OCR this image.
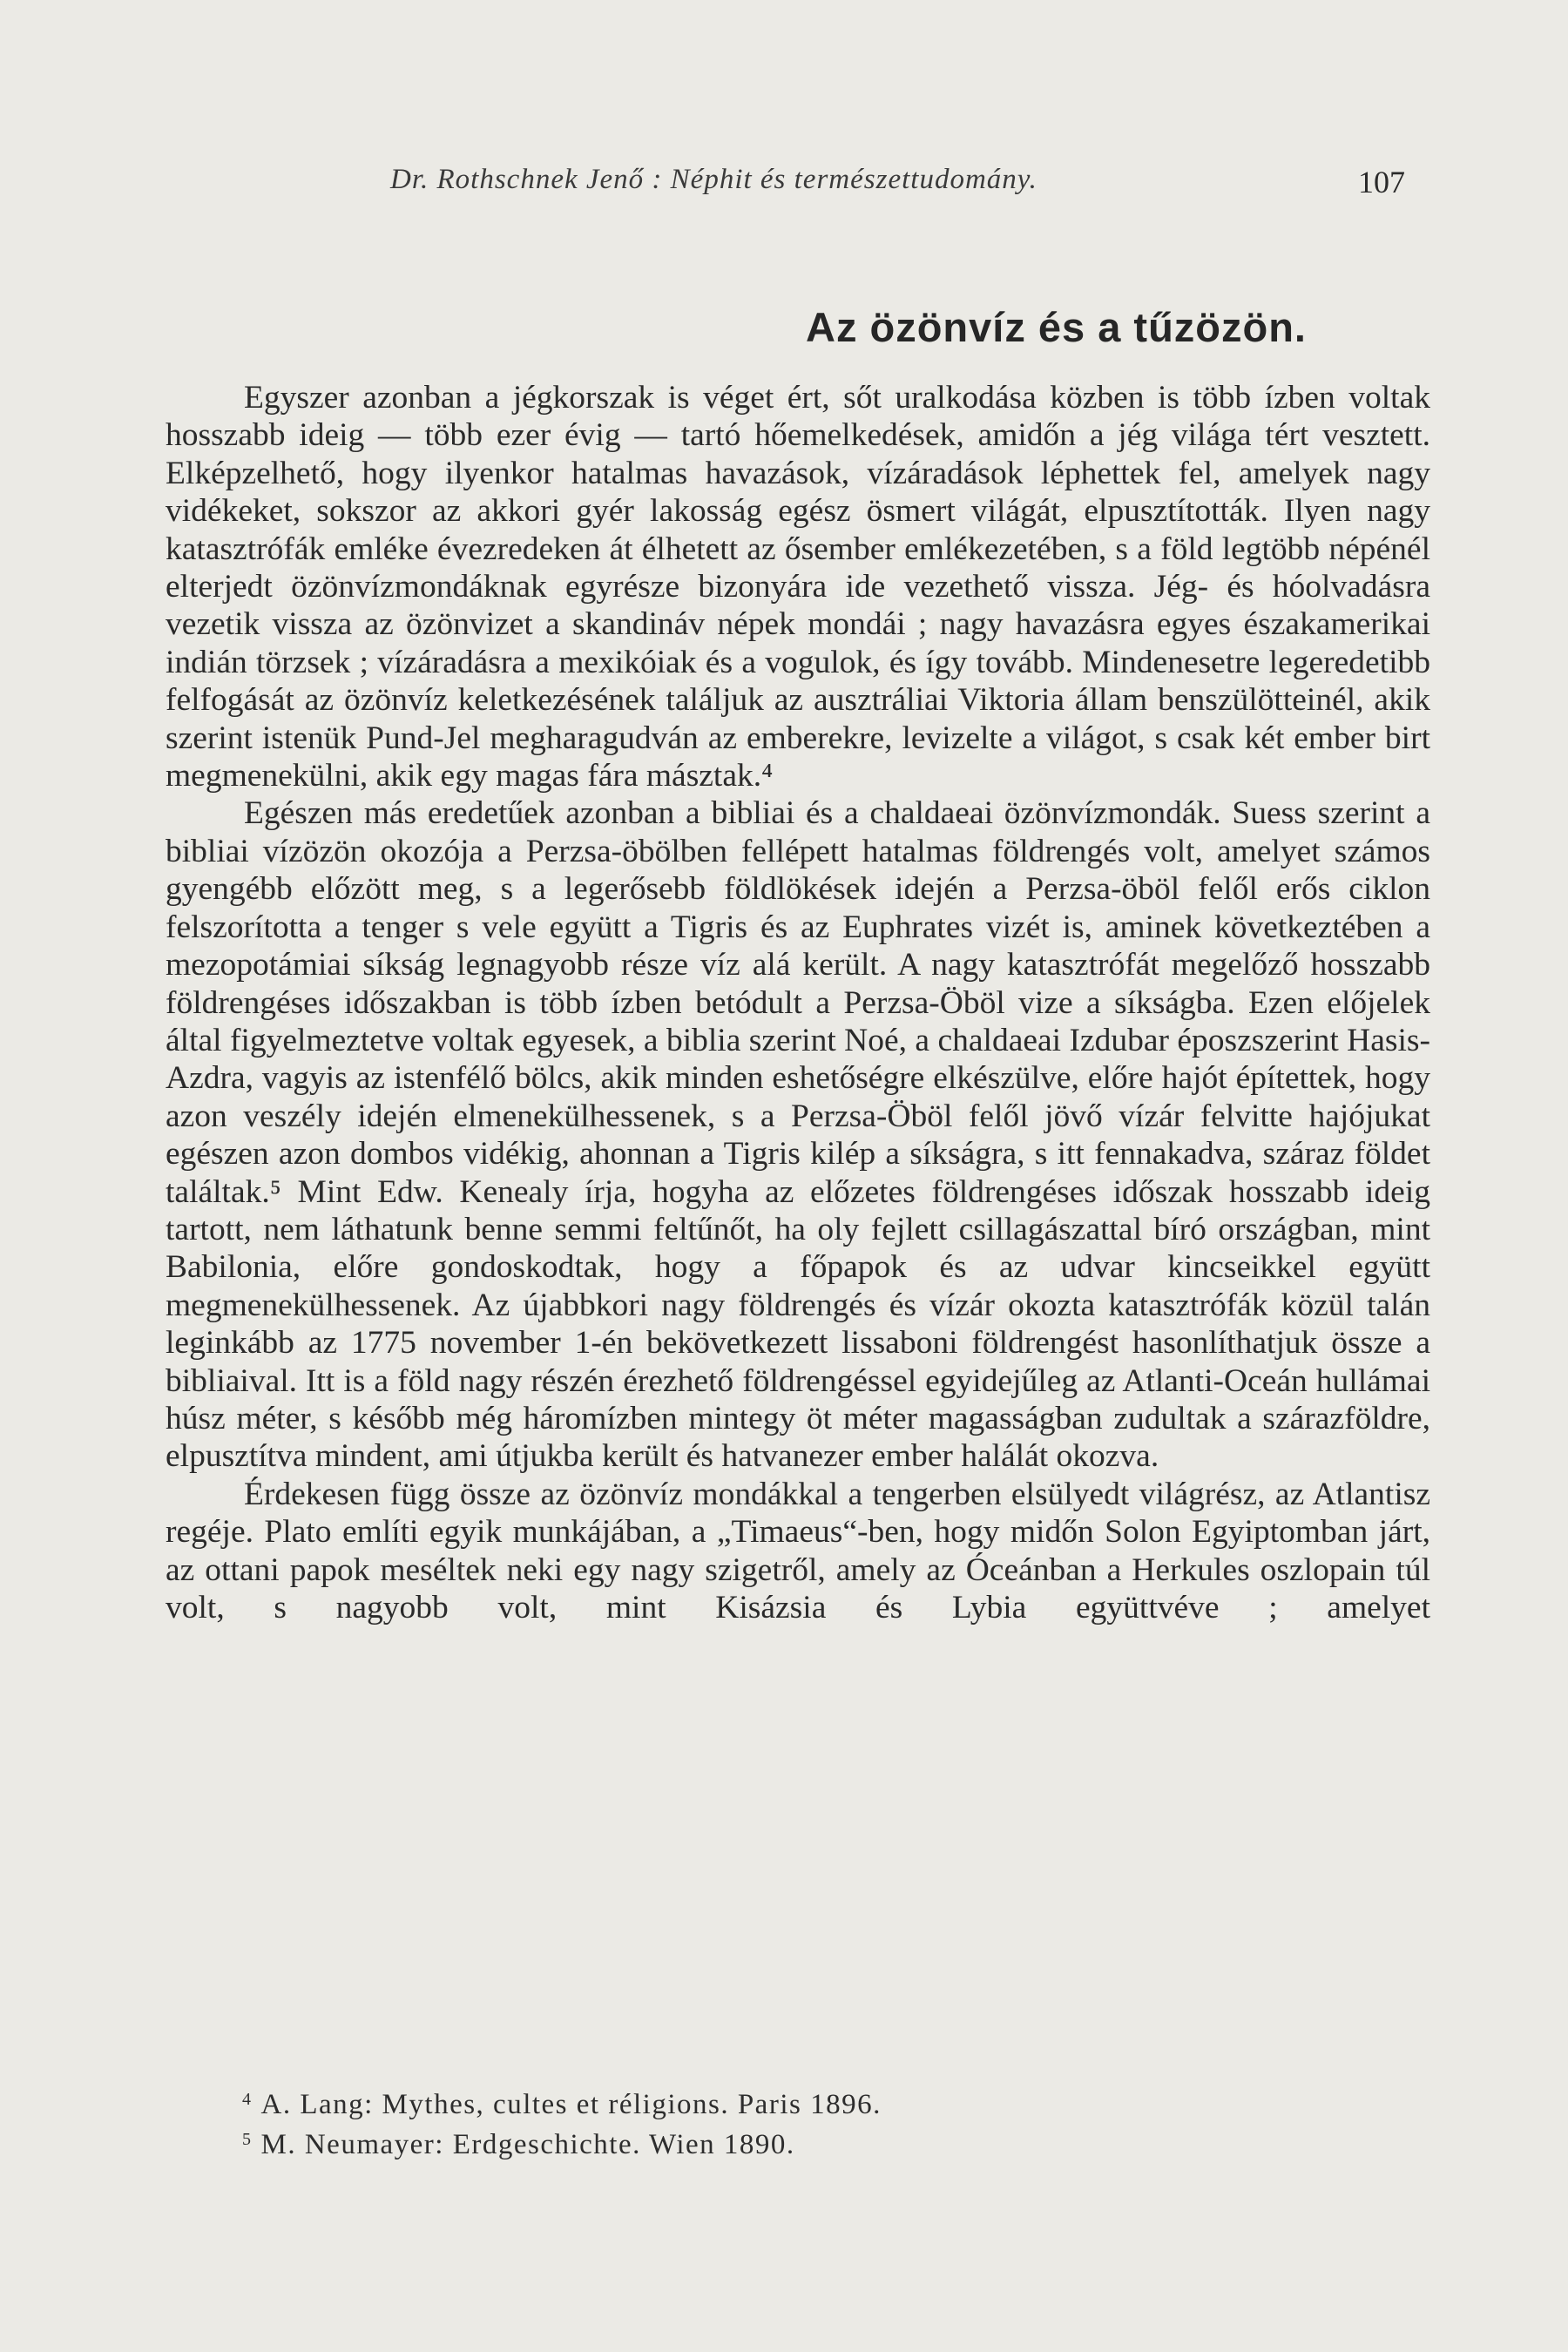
Dr. Rothschnek Jenő : Néphit és természettudomány.	107
Az özönvíz és a tűzözön.

Egyszer azonban a jégkorszak is véget ért, sőt uralkodása közben is több ízben voltak hosszabb ideig — több ezer évig — tartó hőemelkedések, amidőn a jég világa tért vesztett. Elképzelhető, hogy ilyenkor hatalmas havazások, vízáradások léphettek fel, amelyek nagy vidékeket, sokszor az akkori gyér lakosság egész ösmert világát, elpusztították. Ilyen nagy katasztrófák emléke évezredeken át élhetett az ősember emlékezetében, s a föld legtöbb népénél elterjedt özönvízmondáknak egyrésze bizonyára ide vezethető vissza. Jég- és hóolvadásra vezetik vissza az özönvizet a skandináv népek mondái ; nagy havazásra egyes északamerikai indián törzsek ; vízáradásra a mexikóiak és a vogulok, és így tovább. Mindenesetre legeredetibb felfogását az özönvíz keletkezésének találjuk az ausztráliai Viktoria állam benszülötteinél, akik szerint istenük Pund-Jel megharagudván az emberekre, levizelte a világot, s csak két ember birt megmenekülni, akik egy magas fára másztak.⁴

Egészen más eredetűek azonban a bibliai és a chaldaeai özönvízmondák. Suess szerint a bibliai vízözön okozója a Perzsa-öbölben fellépett hatalmas földrengés volt, amelyet számos gyengébb előzött meg, s a legerősebb földlökések idején a Perzsa-öböl felől erős ciklon felszorította a tenger s vele együtt a Tigris és az Euphrates vizét is, aminek következtében a mezopotámiai síkság legnagyobb része víz alá került. A nagy katasztrófát megelőző hosszabb földrengéses időszakban is több ízben betódult a Perzsa-Öböl vize a síkságba. Ezen előjelek által figyelmeztetve voltak egyesek, a biblia szerint Noé, a chaldaeai Izdubar époszszerint Hasis-Azdra, vagyis az istenfélő bölcs, akik minden eshetőségre elkészülve, előre hajót építettek, hogy azon veszély idején elmenekülhessenek, s a Perzsa-Öböl felől jövő vízár felvitte hajójukat egészen azon dombos vidékig, ahonnan a Tigris kilép a síkságra, s itt fennakadva, száraz földet találtak.⁵ Mint Edw. Kenealy írja, hogyha az előzetes földrengéses időszak hosszabb ideig tartott, nem láthatunk benne semmi feltűnőt, ha oly fejlett csillagászattal bíró országban, mint Babilonia, előre gondoskodtak, hogy a főpapok és az udvar kincseikkel együtt megmenekülhessenek. Az újabbkori nagy földrengés és vízár okozta katasztrófák közül talán leginkább az 1775 november 1-én bekövetkezett lissaboni földrengést hasonlíthatjuk össze a bibliaival. Itt is a föld nagy részén érezhető földrengéssel egyidejűleg az Atlanti-Oceán hullámai húsz méter, s később még háromízben mintegy öt méter magasságban zudultak a szárazföldre, elpusztítva mindent, ami útjukba került és hatvanezer ember halálát okozva.

Érdekesen függ össze az özönvíz mondákkal a tengerben elsülyedt világrész, az Atlantisz regéje. Plato említi egyik munkájában, a „Timaeus“-ben, hogy midőn Solon Egyiptomban járt, az ottani papok meséltek neki egy nagy szigetről, amely az Óceánban a Herkules oszlopain túl volt, s nagyobb volt, mint Kisázsia és Lybia együttvéve ; amelyet

$^4$ A. Lang: Mythes, cultes et réligions. Paris 1896.
$^5$ M. Neumayer: Erdgeschichte. Wien 1890.
